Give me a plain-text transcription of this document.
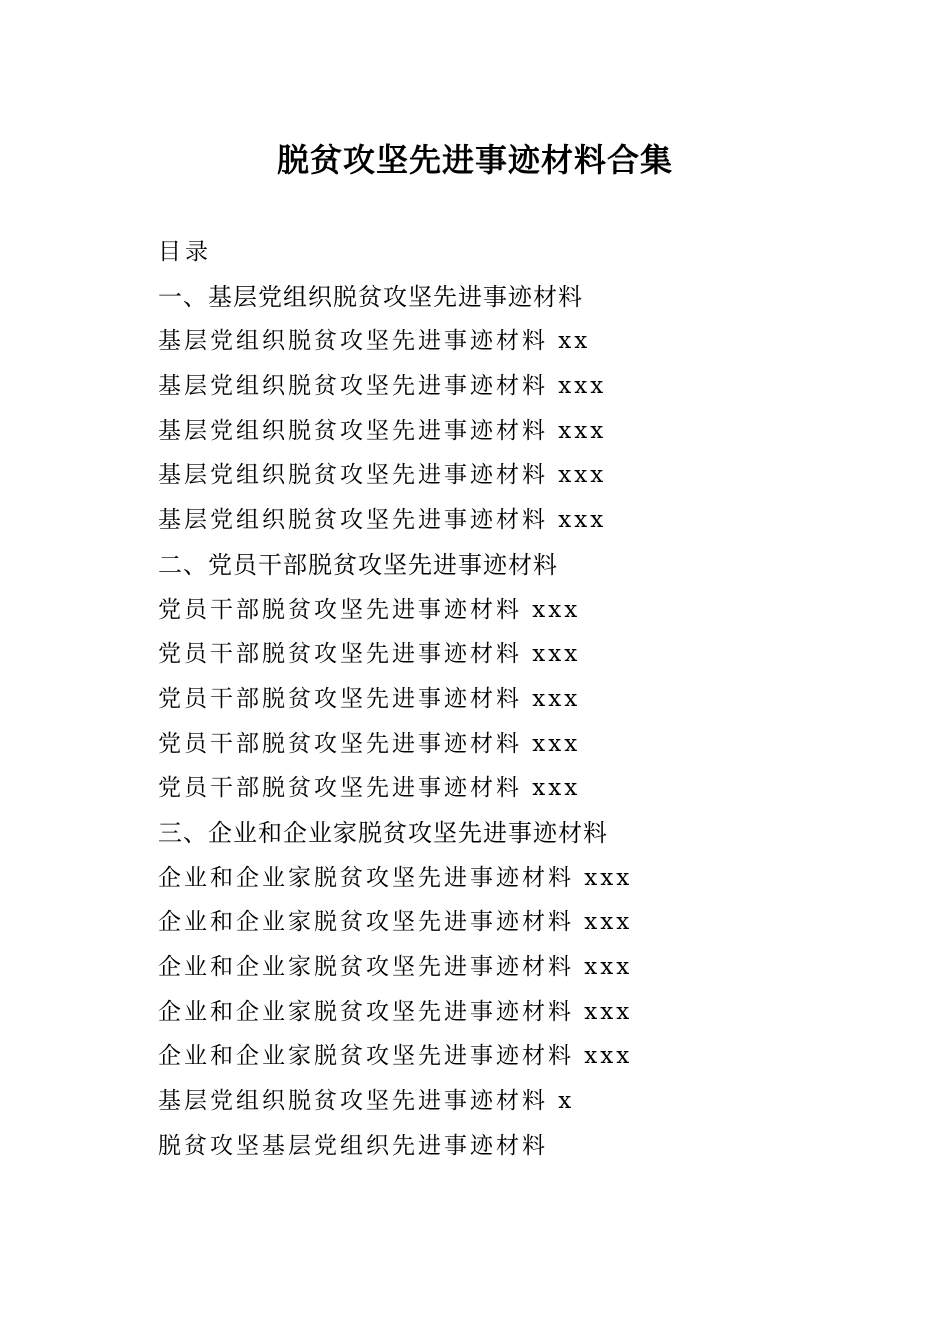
脱贫攻坚先进事迹材料合集
目录
一、基层党组织脱贫攻坚先进事迹材料
基层党组织脱贫攻坚先进事迹材料 xx
基层党组织脱贫攻坚先进事迹材料 xxx
基层党组织脱贫攻坚先进事迹材料 xxx
基层党组织脱贫攻坚先进事迹材料 xxx
基层党组织脱贫攻坚先进事迹材料 xxx
二、党员干部脱贫攻坚先进事迹材料
党员干部脱贫攻坚先进事迹材料 xxx
党员干部脱贫攻坚先进事迹材料 xxx
党员干部脱贫攻坚先进事迹材料 xxx
党员干部脱贫攻坚先进事迹材料 xxx
党员干部脱贫攻坚先进事迹材料 xxx
三、企业和企业家脱贫攻坚先进事迹材料
企业和企业家脱贫攻坚先进事迹材料 xxx
企业和企业家脱贫攻坚先进事迹材料 xxx
企业和企业家脱贫攻坚先进事迹材料 xxx
企业和企业家脱贫攻坚先进事迹材料 xxx
企业和企业家脱贫攻坚先进事迹材料 xxx
基层党组织脱贫攻坚先进事迹材料 x
脱贫攻坚基层党组织先进事迹材料
